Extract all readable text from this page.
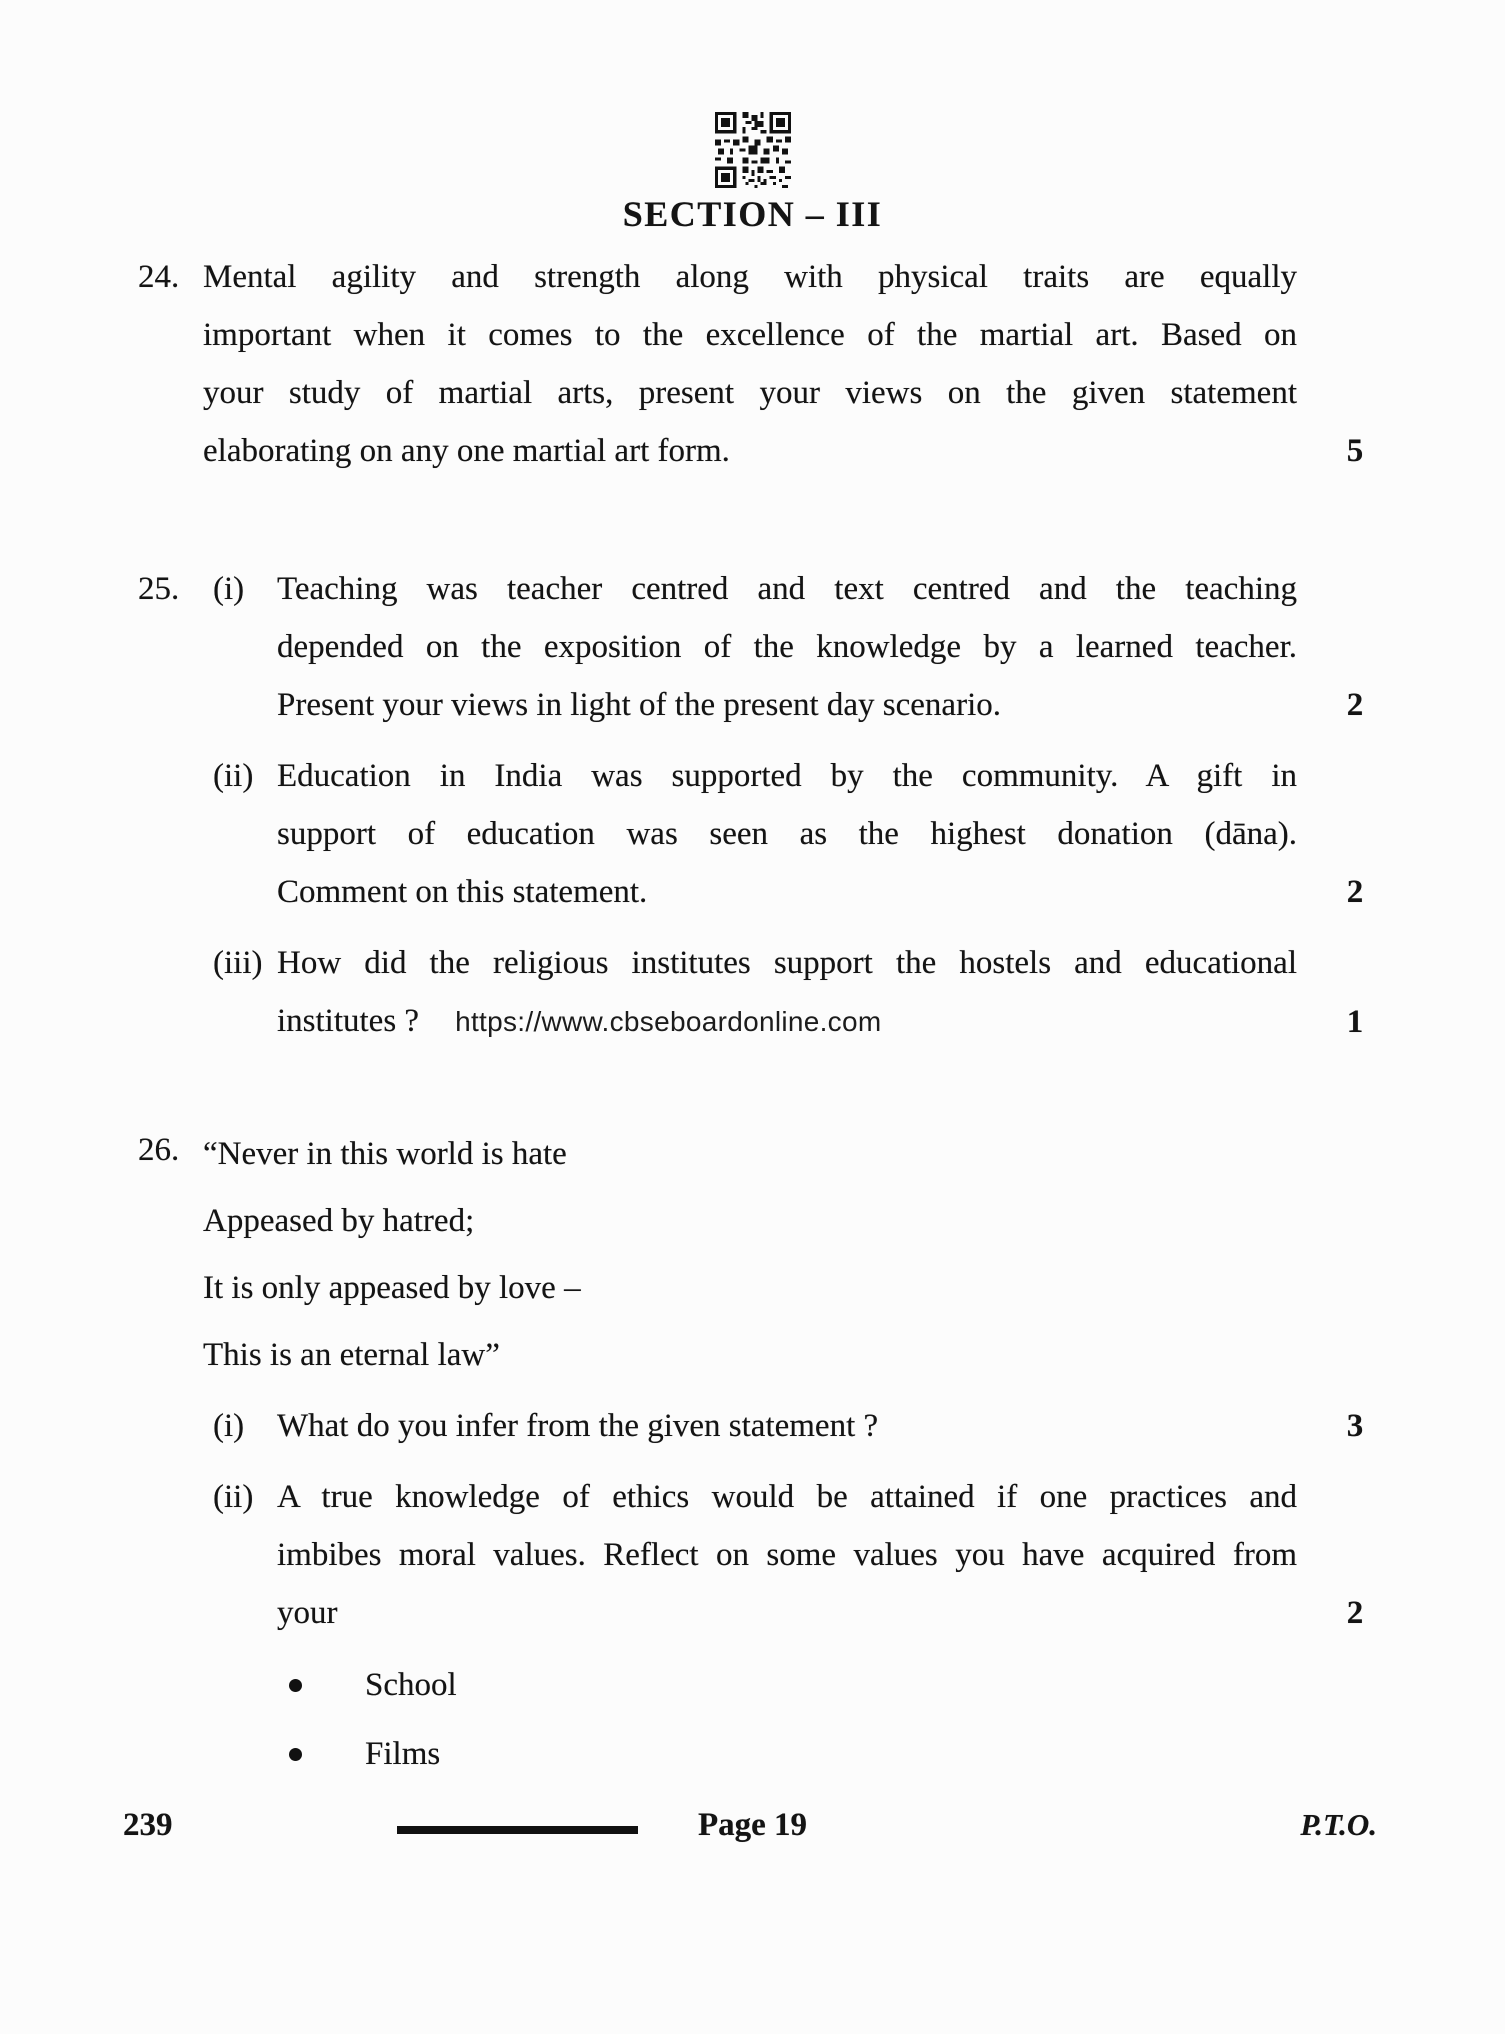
SECTION – III
24. Mental agility and strength along with physical traits are equally
important when it comes to the excellence of the martial art. Based on
your study of martial arts, present your views on the given statement
elaborating on any one martial art form.	5
25. (i) Teaching was teacher centred and text centred and the teaching
depended on the exposition of the knowledge by a learned teacher.
Present your views in light of the present day scenario.	2
(ii) Education in India was supported by the community. A gift in
support of education was seen as the highest donation (dāna).
Comment on this statement.	2
(iii) How did the religious institutes support the hostels and educational
institutes ? https://www.cbseboardonline.com	1
26. “Never in this world is hate
Appeased by hatred;
It is only appeased by love –
This is an eternal law”
(i) What do you infer from the given statement ?	3
(ii) A true knowledge of ethics would be attained if one practices and
imbibes moral values. Reflect on some values you have acquired from
your	2
School
Films
239	Page 19	P.T.O.
